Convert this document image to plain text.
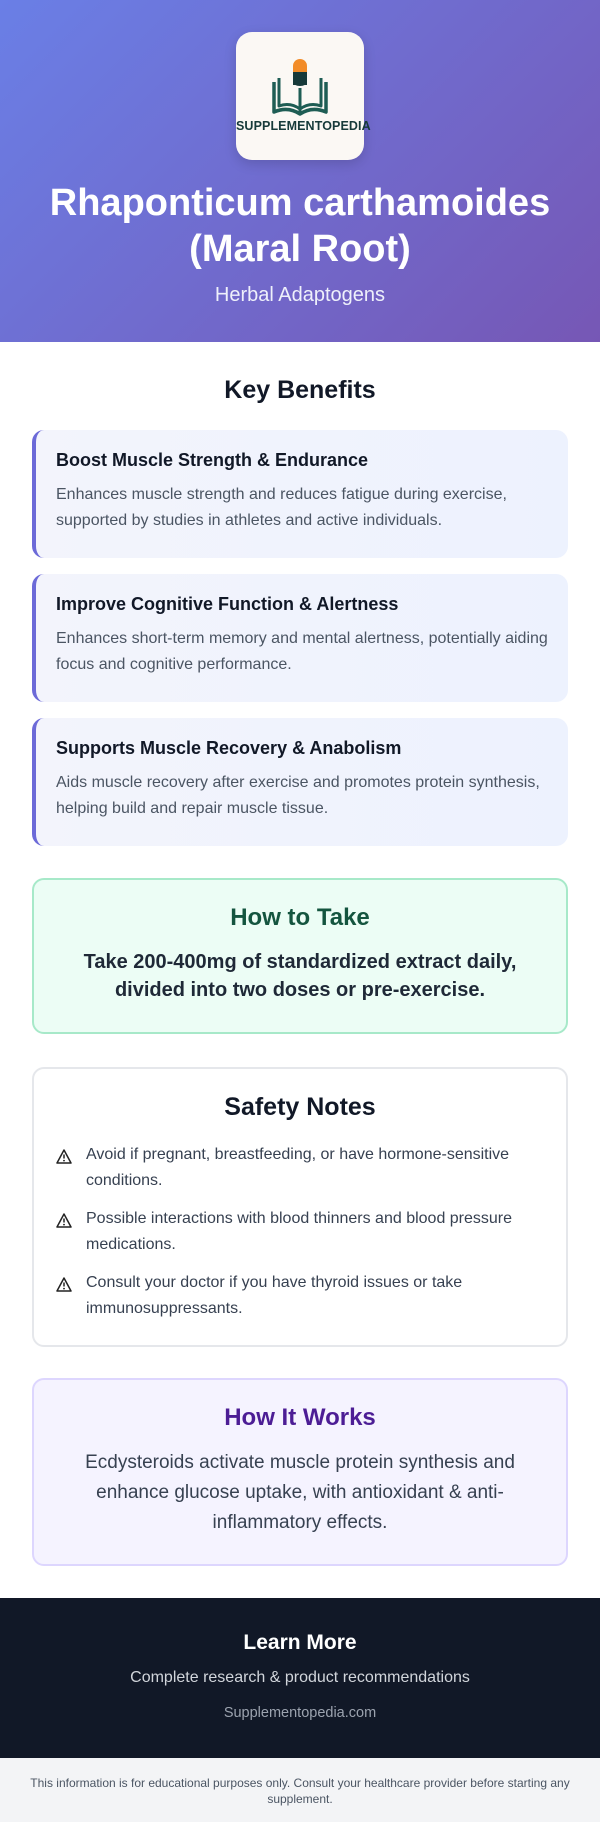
SUPPLEMENTOPEDIA
Rhaponticum carthamoides (Maral Root)
Herbal Adaptogens
Key Benefits
Boost Muscle Strength & Endurance
Enhances muscle strength and reduces fatigue during exercise, supported by studies in athletes and active individuals.
Improve Cognitive Function & Alertness
Enhances short-term memory and mental alertness, potentially aiding focus and cognitive performance.
Supports Muscle Recovery & Anabolism
Aids muscle recovery after exercise and promotes protein synthesis, helping build and repair muscle tissue.
How to Take
Take 200-400mg of standardized extract daily, divided into two doses or pre-exercise.
Safety Notes
Avoid if pregnant, breastfeeding, or have hormone-sensitive conditions.
Possible interactions with blood thinners and blood pressure medications.
Consult your doctor if you have thyroid issues or take immunosuppressants.
How It Works
Ecdysteroids activate muscle protein synthesis and enhance glucose uptake, with antioxidant & anti-inflammatory effects.
Learn More
Complete research & product recommendations
Supplementopedia.com
This information is for educational purposes only. Consult your healthcare provider before starting any supplement.
